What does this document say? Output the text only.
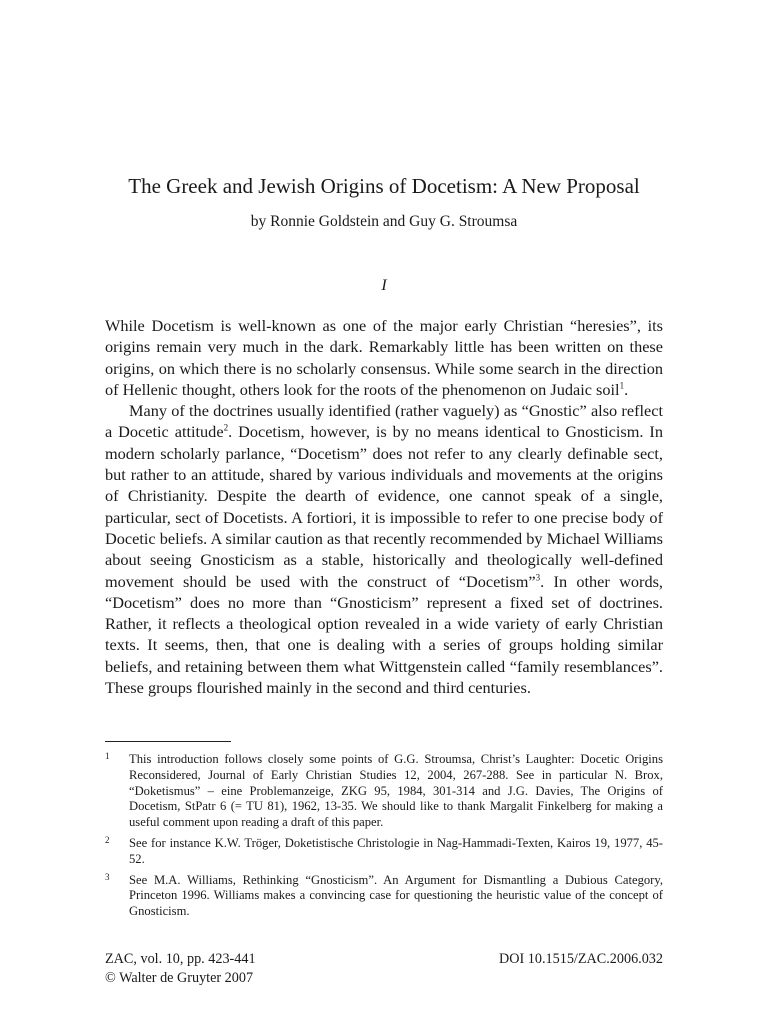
The Greek and Jewish Origins of Docetism: A New Proposal
by Ronnie Goldstein and Guy G. Stroumsa
I

While Docetism is well-known as one of the major early Christian “heresies”, its origins remain very much in the dark. Remarkably little has been written on these origins, on which there is no scholarly consensus. While some search in the direction of Hellenic thought, others look for the roots of the phenomenon on Judaic soil$^1$.

Many of the doctrines usually identified (rather vaguely) as “Gnostic” also reflect a Docetic attitude$^2$. Docetism, however, is by no means identical to Gnosticism. In modern scholarly parlance, “Docetism” does not refer to any clearly definable sect, but rather to an attitude, shared by various individuals and movements at the origins of Christianity. Despite the dearth of evidence, one cannot speak of a single, particular, sect of Docetists. A fortiori, it is impossible to refer to one precise body of Docetic beliefs. A similar caution as that recently recommended by Michael Williams about seeing Gnosticism as a stable, historically and theologically well-defined movement should be used with the construct of “Docetism”$^3$. In other words, “Docetism” does no more than “Gnosticism” represent a fixed set of doctrines. Rather, it reflects a theological option revealed in a wide variety of early Christian texts. It seems, then, that one is dealing with a series of groups holding similar beliefs, and retaining between them what Wittgenstein called “family resemblances”. These groups flourished mainly in the second and third centuries.

1 This introduction follows closely some points of G.G. Stroumsa, Christ’s Laughter: Docetic Origins Reconsidered, Journal of Early Christian Studies 12, 2004, 267-288. See in particular N. Brox, “Doketismus” – eine Problemanzeige, ZKG 95, 1984, 301-314 and J.G. Davies, The Origins of Docetism, StPatr 6 (= TU 81), 1962, 13-35. We should like to thank Margalit Finkelberg for making a useful comment upon reading a draft of this paper.
2 See for instance K.W. Tröger, Doketistische Christologie in Nag-Hammadi-Texten, Kairos 19, 1977, 45-52.
3 See M.A. Williams, Rethinking “Gnosticism”. An Argument for Dismantling a Dubious Category, Princeton 1996. Williams makes a convincing case for questioning the heuristic value of the concept of Gnosticism.
ZAC, vol. 10, pp. 423-441
© Walter de Gruyter 2007
DOI 10.1515/ZAC.2006.032
